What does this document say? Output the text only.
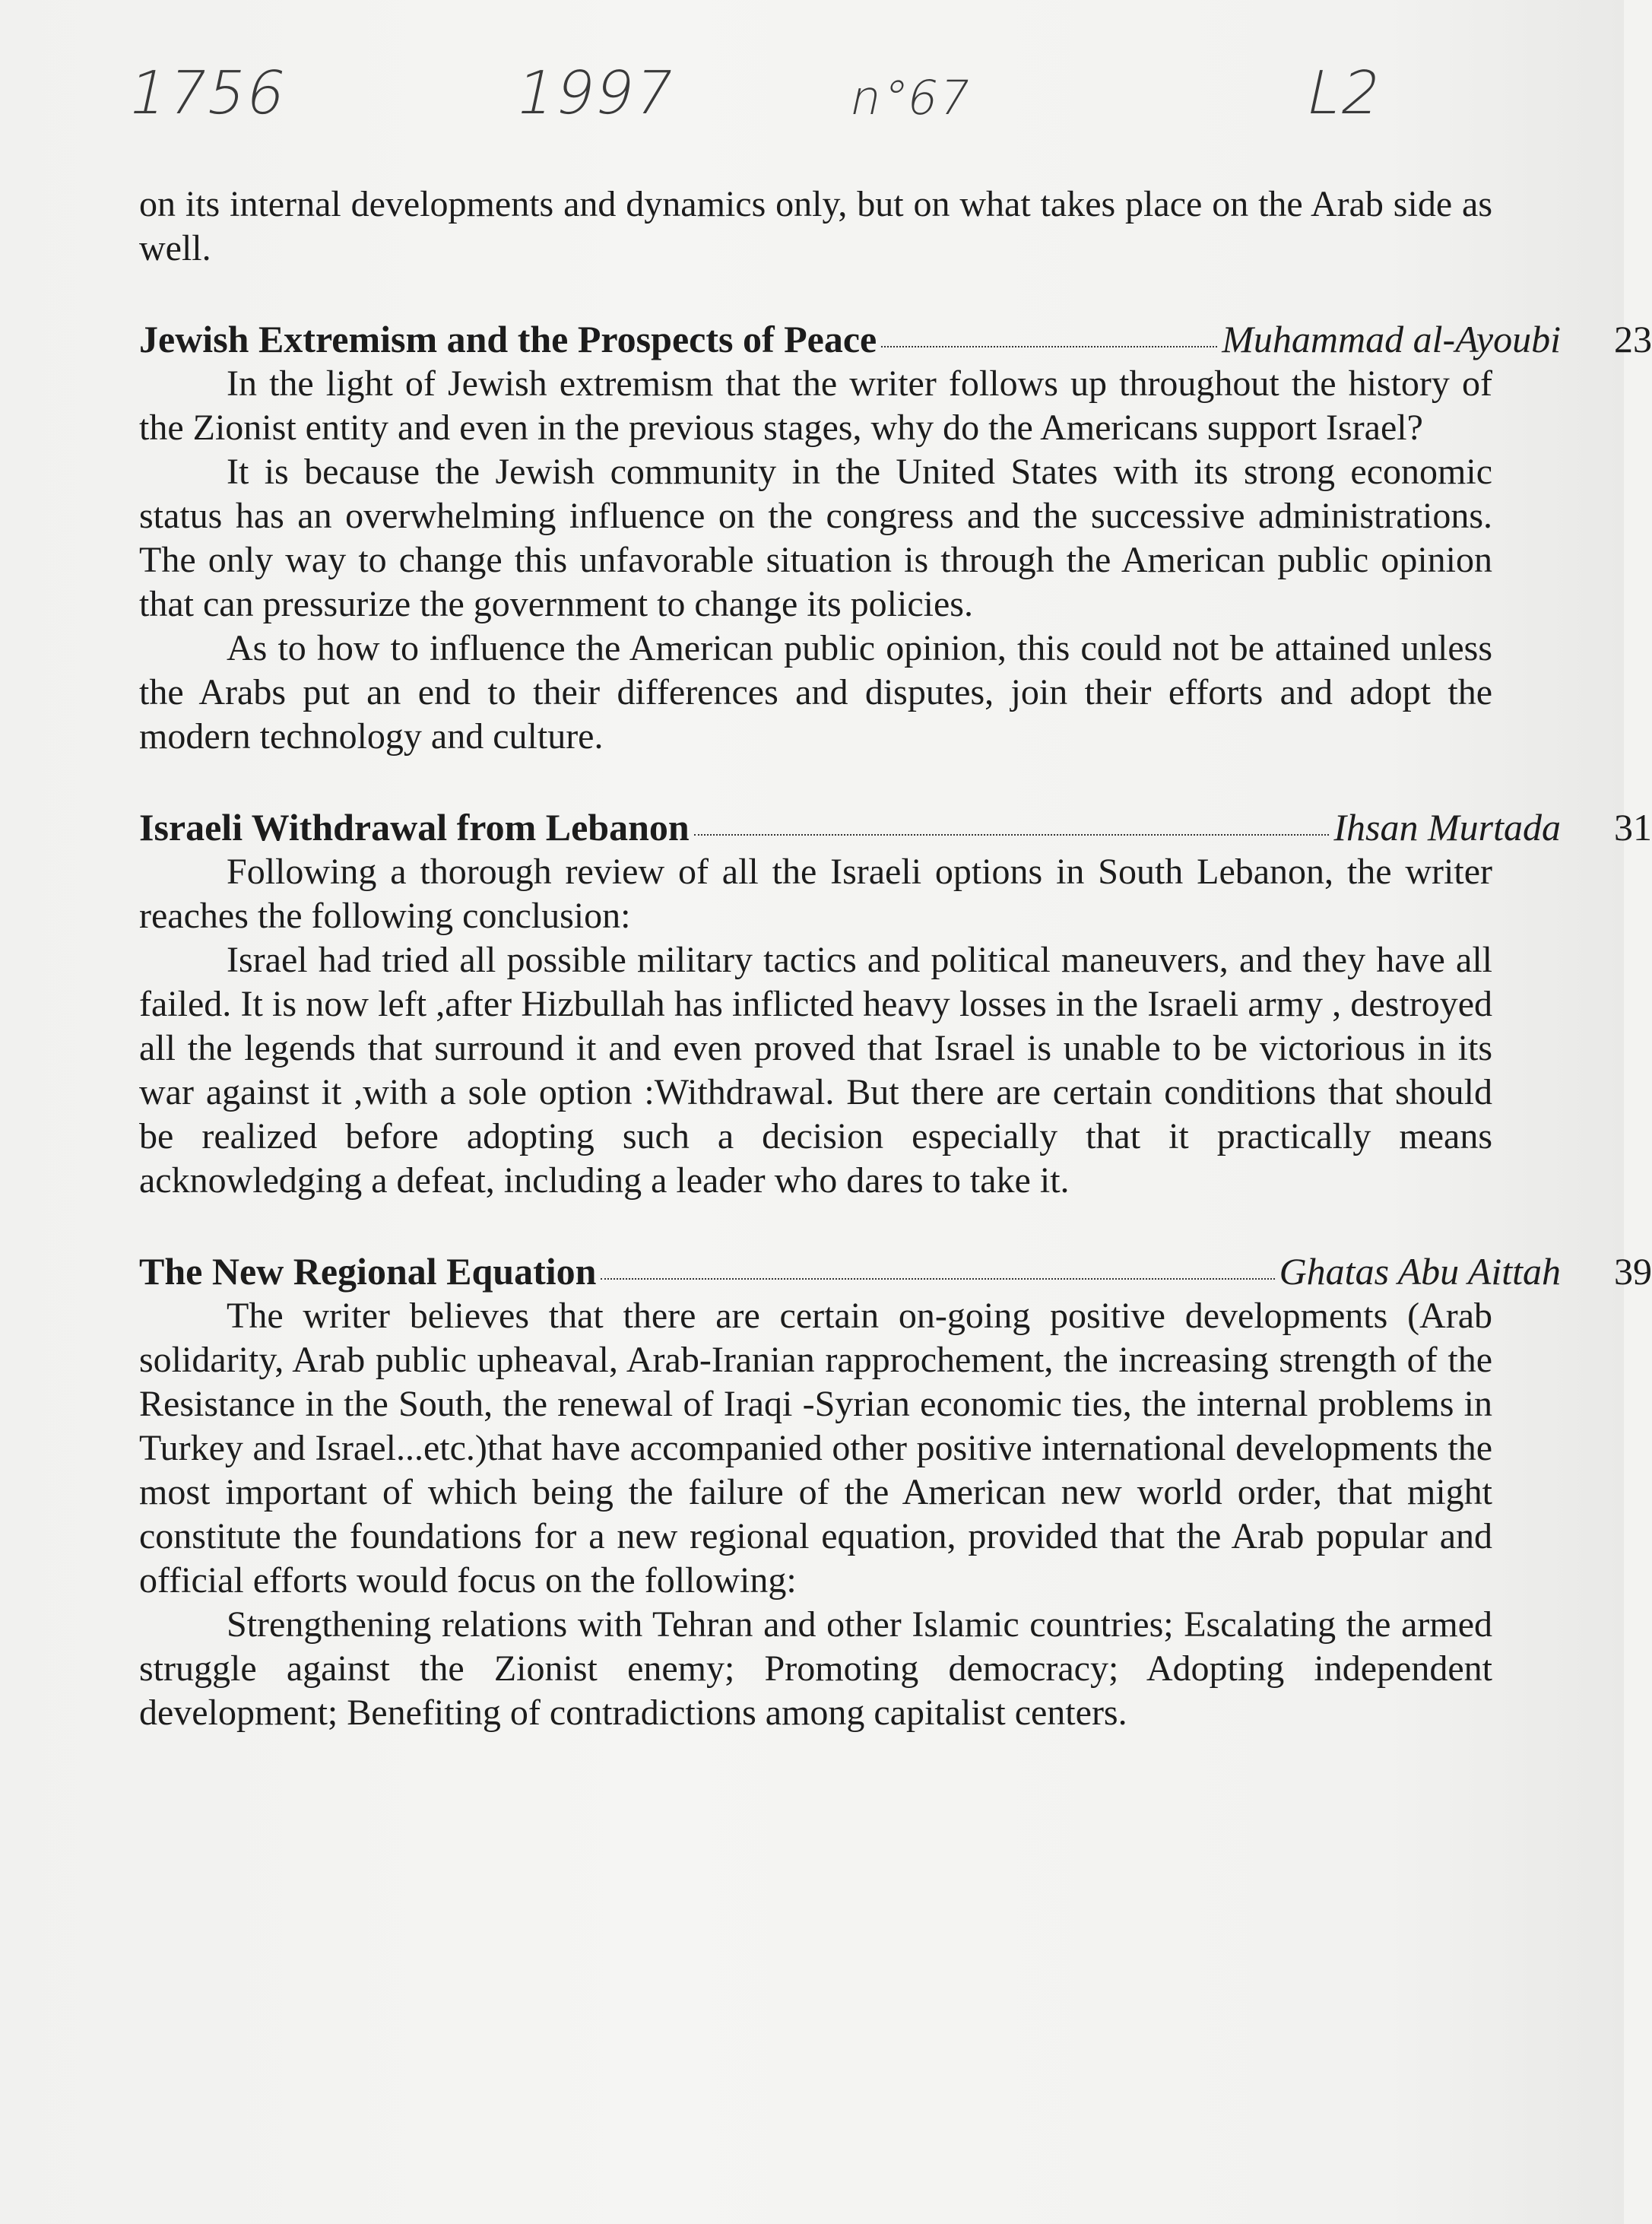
1756	1997	n°67	L2

on its internal developments and dynamics only, but on what takes place on the Arab side as well.

Jewish Extremism and the Prospects of Peace	Muhammad al-Ayoubi	23

In the light of Jewish extremism that the writer follows up throughout the history of the Zionist entity and even in the previous stages, why do the Americans support Israel?

It is because the Jewish community in the United States with its strong economic status has an overwhelming influence on the congress and the successive administrations. The only way to change this unfavorable situation is through the American public opinion that can pressurize the government to change its policies.

As to how to influence the American public opinion, this could not be attained unless the Arabs put an end to their differences and disputes, join their efforts and adopt the modern technology and culture.

Israeli Withdrawal from Lebanon	Ihsan Murtada	31

Following a thorough review of all the Israeli options in South Lebanon, the writer reaches the following conclusion:

Israel had tried all possible military tactics and political maneuvers, and they have all failed. It is now left ,after Hizbullah has inflicted heavy losses in the Israeli army , destroyed all the legends that surround it and even proved that Israel is unable to be victorious in its war against it ,with a sole option :Withdrawal. But there are certain conditions that should be realized before adopting such a decision especially that it practically means acknowledging a defeat, including a leader who dares to take it.

The New Regional Equation	Ghatas Abu Aittah	39

The writer believes that there are certain on-going positive developments (Arab solidarity, Arab public upheaval, Arab-Iranian rapprochement, the increasing strength of the Resistance in the South, the renewal of Iraqi -Syrian economic ties, the internal problems in Turkey and Israel...etc.)that have accompanied other positive international developments the most important of which being the failure of the American new world order, that might constitute the foundations for a new regional equation, provided that the Arab popular and official efforts would focus on the following:

Strengthening relations with Tehran and other Islamic countries; Escalating the armed struggle against the Zionist enemy; Promoting democracy; Adopting independent development; Benefiting of contradictions among capitalist centers.
